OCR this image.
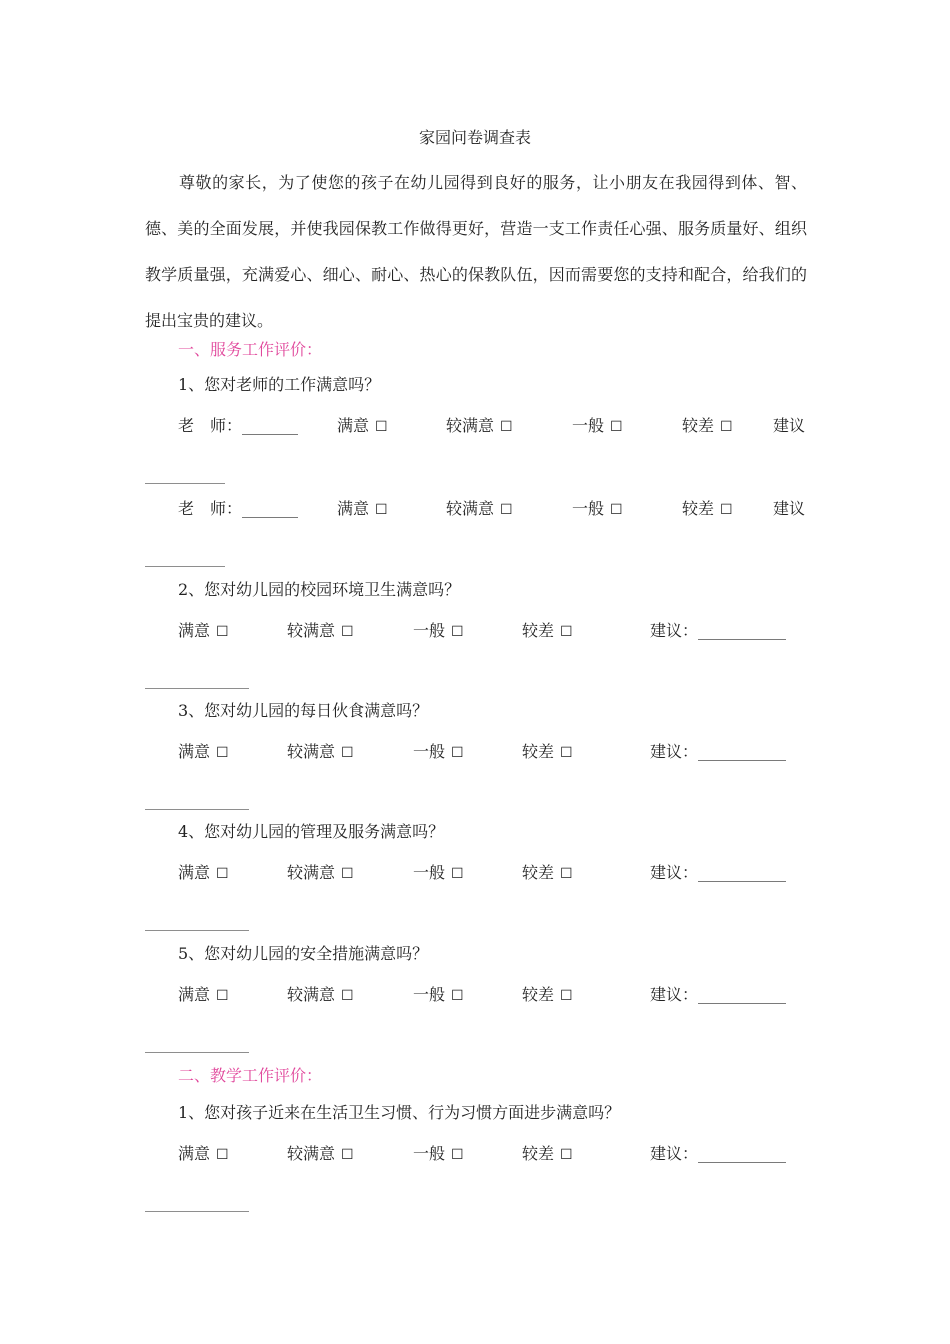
家园问卷调查表
尊敬的家长，为了使您的孩子在幼儿园得到良好的服务，让小朋友在我园得到体、智、德、美的全面发展，并使我园保教工作做得更好，营造一支工作责任心强、服务质量好、组织教学质量强，充满爱心、细心、耐心、热心的保教队伍，因而需要您的支持和配合，给我们的提出宝贵的建议。
一、服务工作评价：
1、您对老师的工作满意吗？
老　师：_______ 满意 ☐	较满意 ☐	一般 ☐	较差 ☐	建议
__________
老　师：_______ 满意 ☐	较满意 ☐	一般 ☐	较差 ☐	建议
__________
2、您对幼儿园的校园环境卫生满意吗？
满意 ☐	较满意 ☐	一般 ☐	较差 ☐	建议：___________
_____________
3、您对幼儿园的每日伙食满意吗？
满意 ☐	较满意 ☐	一般 ☐	较差 ☐	建议：___________
_____________
4、您对幼儿园的管理及服务满意吗？
满意 ☐	较满意 ☐	一般 ☐	较差 ☐	建议：___________
_____________
5、您对幼儿园的安全措施满意吗？
满意 ☐	较满意 ☐	一般 ☐	较差 ☐	建议：___________
_____________
二、教学工作评价：
1、您对孩子近来在生活卫生习惯、行为习惯方面进步满意吗？
满意 ☐	较满意 ☐	一般 ☐	较差 ☐	建议：___________
_____________
